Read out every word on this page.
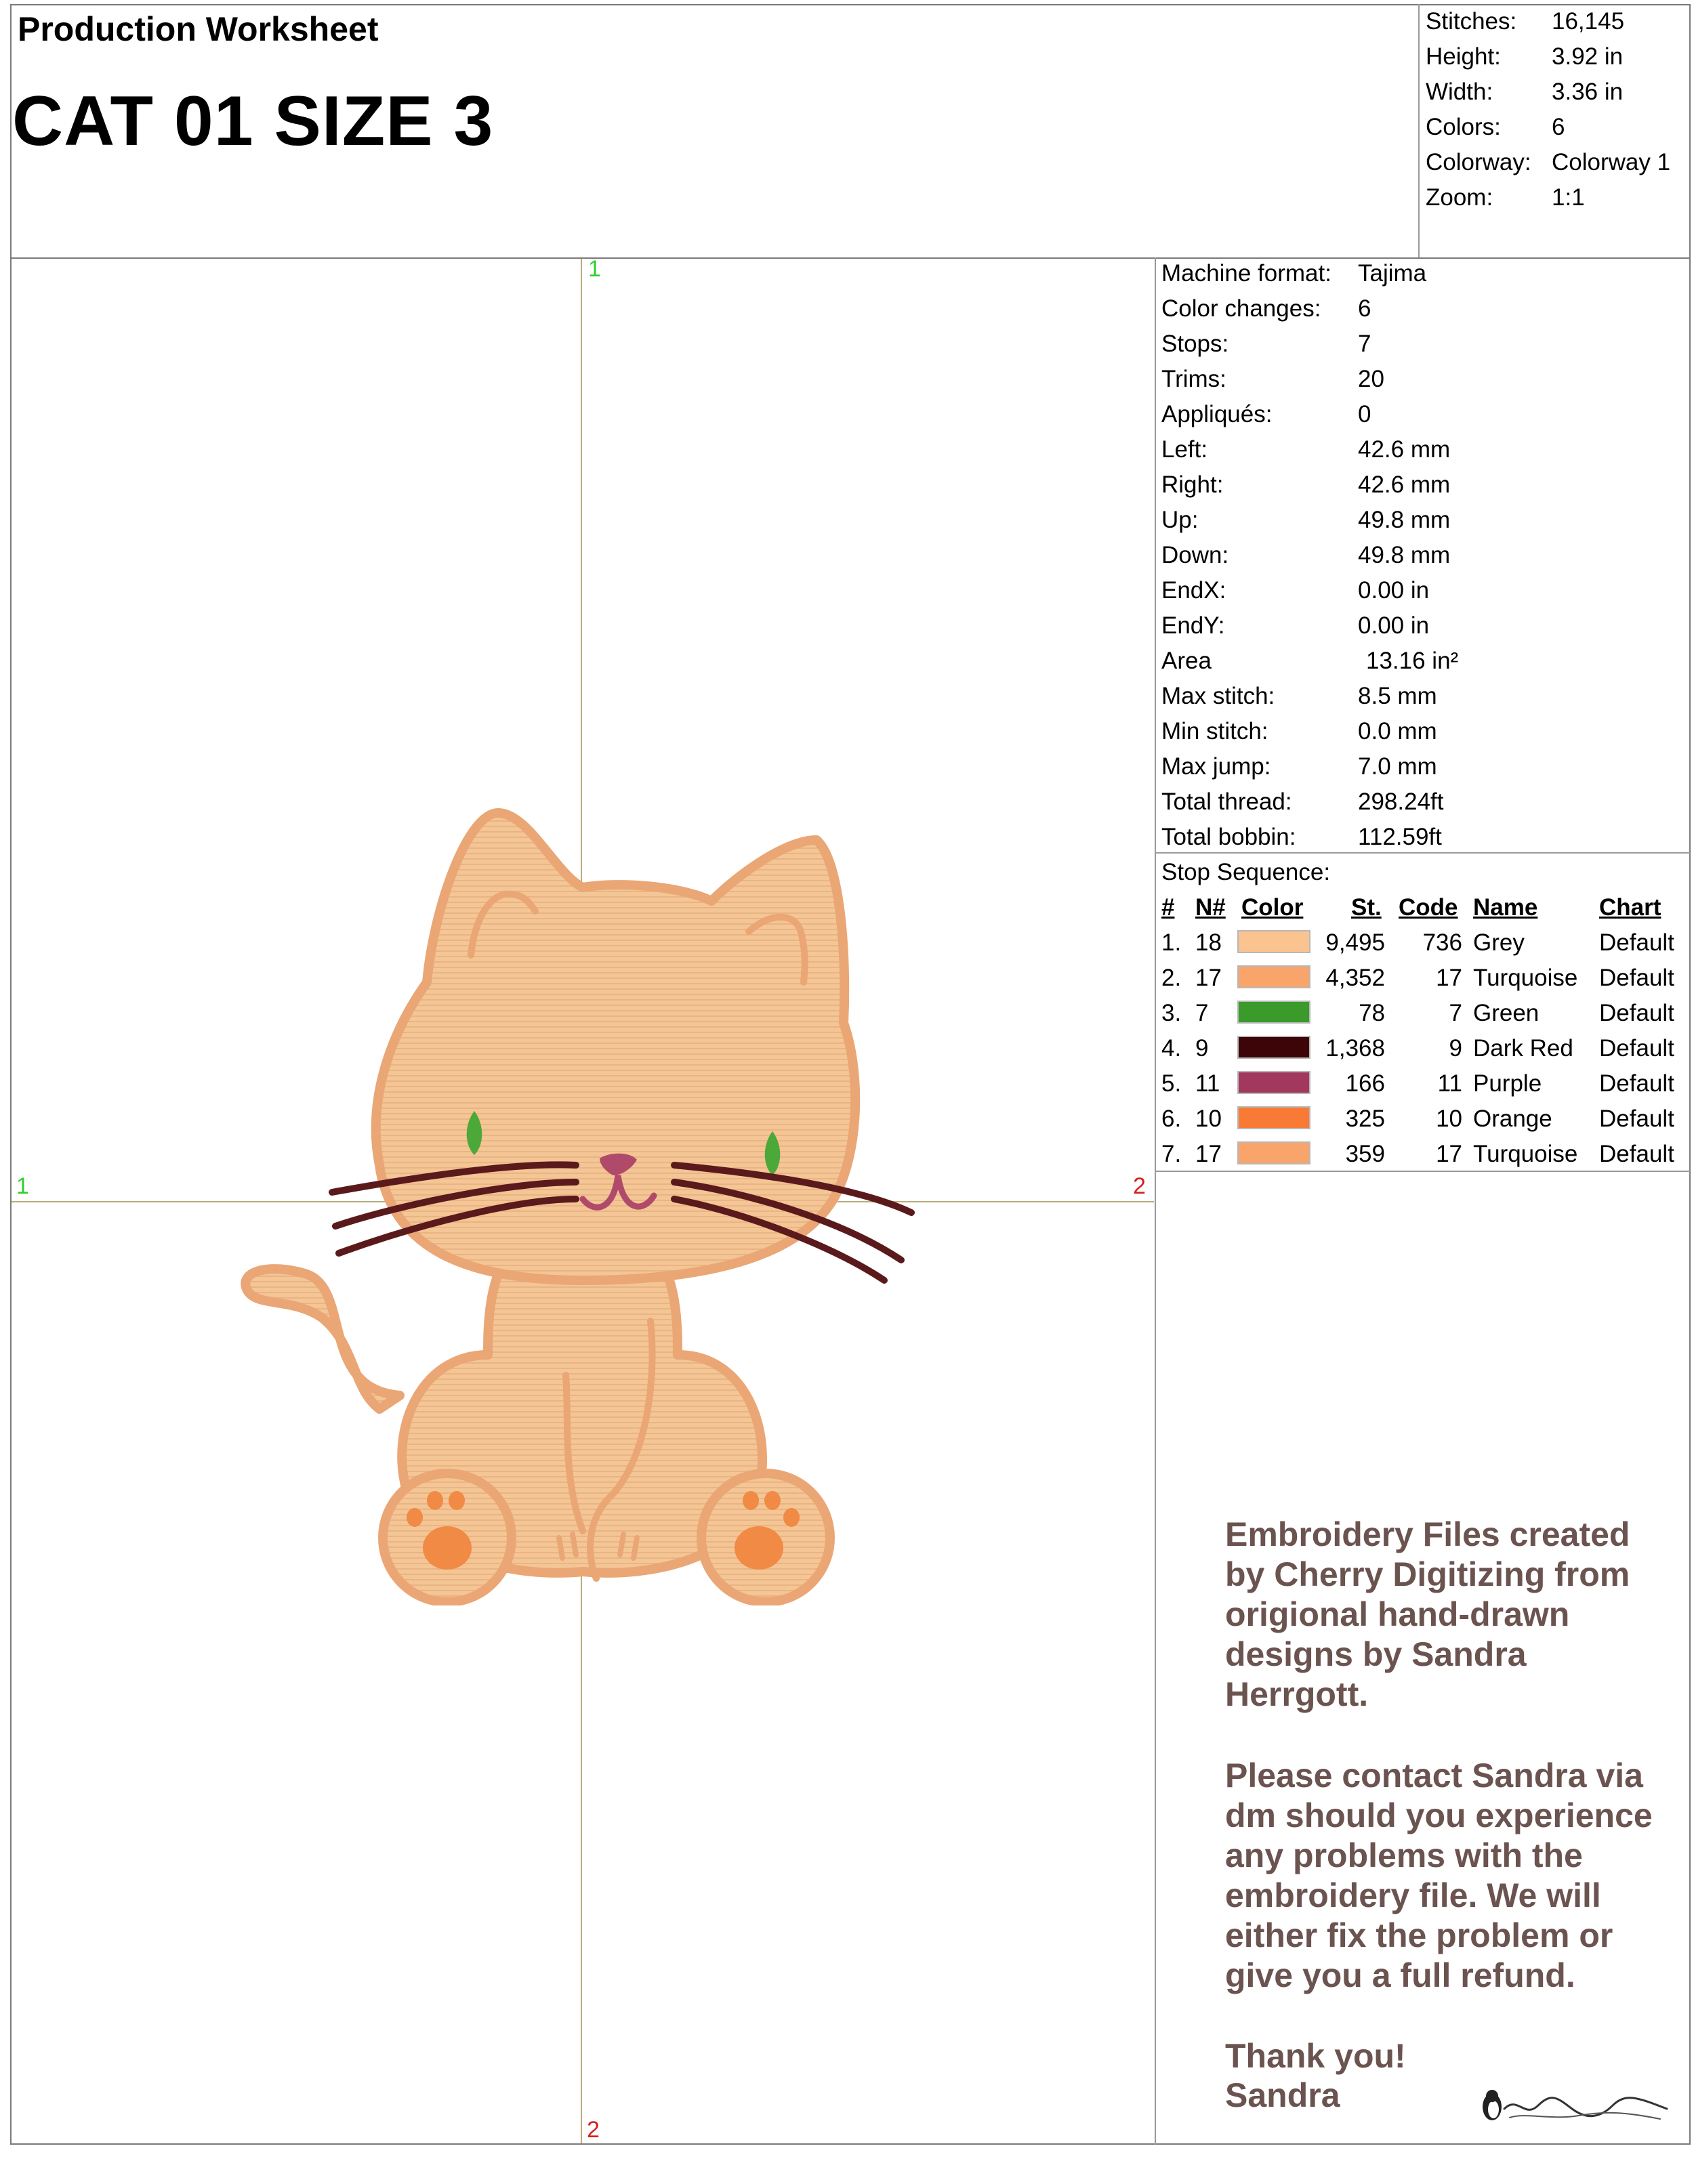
Production Worksheet
CAT 01 SIZE 3
Stitches: 16,145
Height: 3.92 in
Width: 3.36 in
Colors: 6
Colorway: Colorway 1
Zoom: 1:1
Machine format: Tajima
Color changes: 6
Stops:	7
Trims:	20
Appliqués:	0
Left:	42.6 mm
Right:	42.6 mm
Up:	49.8 mm
Down:	49.8 mm
EndX:	0.00 in
EndY:	0.00 in
Area	13.16 in²
Max stitch:	8.5 mm
Min stitch:	0.0 mm
Max jump:	7.0 mm
Total thread:	298.24ft
Total bobbin:	112.59ft
Stop Sequence:
# N# Color St. Code Name	Chart
1. 18	9,495	736 Grey	Default
2. 17	4,352	17 Turquoise Default
3. 7	78	7 Green	Default
4. 9	1,368	9 Dark Red Default
5. 11	166	11 Purple Default
6. 10	325	10 Orange Default
7. 17	359	17 Turquoise Default
1
1	2
2
Embroidery Files created by Cherry Digitizing from origional hand-drawn designs by Sandra Herrgott.
Please contact Sandra via dm should you experience any problems with the embroidery file. We will either fix the problem or give you a full refund.
Thank you!
Sandra
